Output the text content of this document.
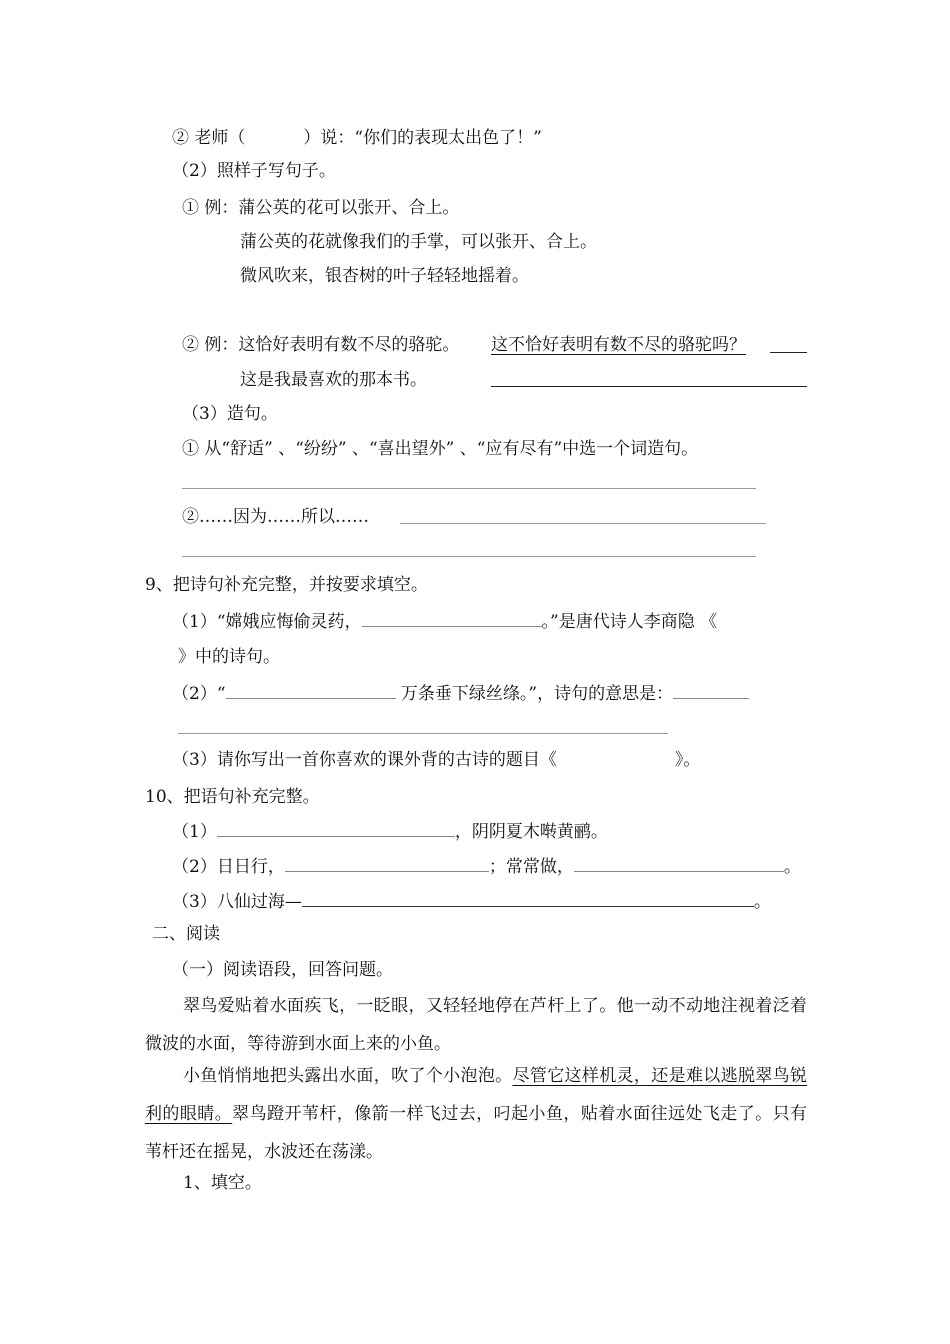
② 老师（	）说：“你们的表现太出色了！”
（2）照样子写句子。
① 例：蒲公英的花可以张开、合上。
蒲公英的花就像我们的手掌，可以张开、合上。
微风吹来，银杏树的叶子轻轻地摇着。
② 例：这恰好表明有数不尽的骆驼。 这不恰好表明有数不尽的骆驼吗？
这是我最喜欢的那本书。
（3）造句。
① 从“舒适” 、“纷纷” 、“喜出望外” 、“应有尽有”中选一个词造句。
②……因为……所以……
9、把诗句补充完整，并按要求填空。
（1）“嫦娥应悔偷灵药，	。”是唐代诗人李商隐 《
》中的诗句。
（2）“	万条垂下绿丝绦。”，诗句的意思是：
（3）请你写出一首你喜欢的课外背的古诗的题目《	》。
10、把语句补充完整。
（1）	，阴阴夏木啭黄鹂。
（2）日日行，	；常常做，	。
（3）八仙过海—	。
二、阅读
（一）阅读语段，回答问题。
翠鸟爱贴着水面疾飞，一眨眼，又轻轻地停在芦杆上了。他一动不动地注视着泛着微波的水面，等待游到水面上来的小鱼。
小鱼悄悄地把头露出水面，吹了个小泡泡。尽管它这样机灵，还是难以逃脱翠鸟锐利的眼睛。翠鸟蹬开苇杆，像箭一样飞过去，叼起小鱼，贴着水面往远处飞走了。只有苇杆还在摇晃，水波还在荡漾。
1、填空。
